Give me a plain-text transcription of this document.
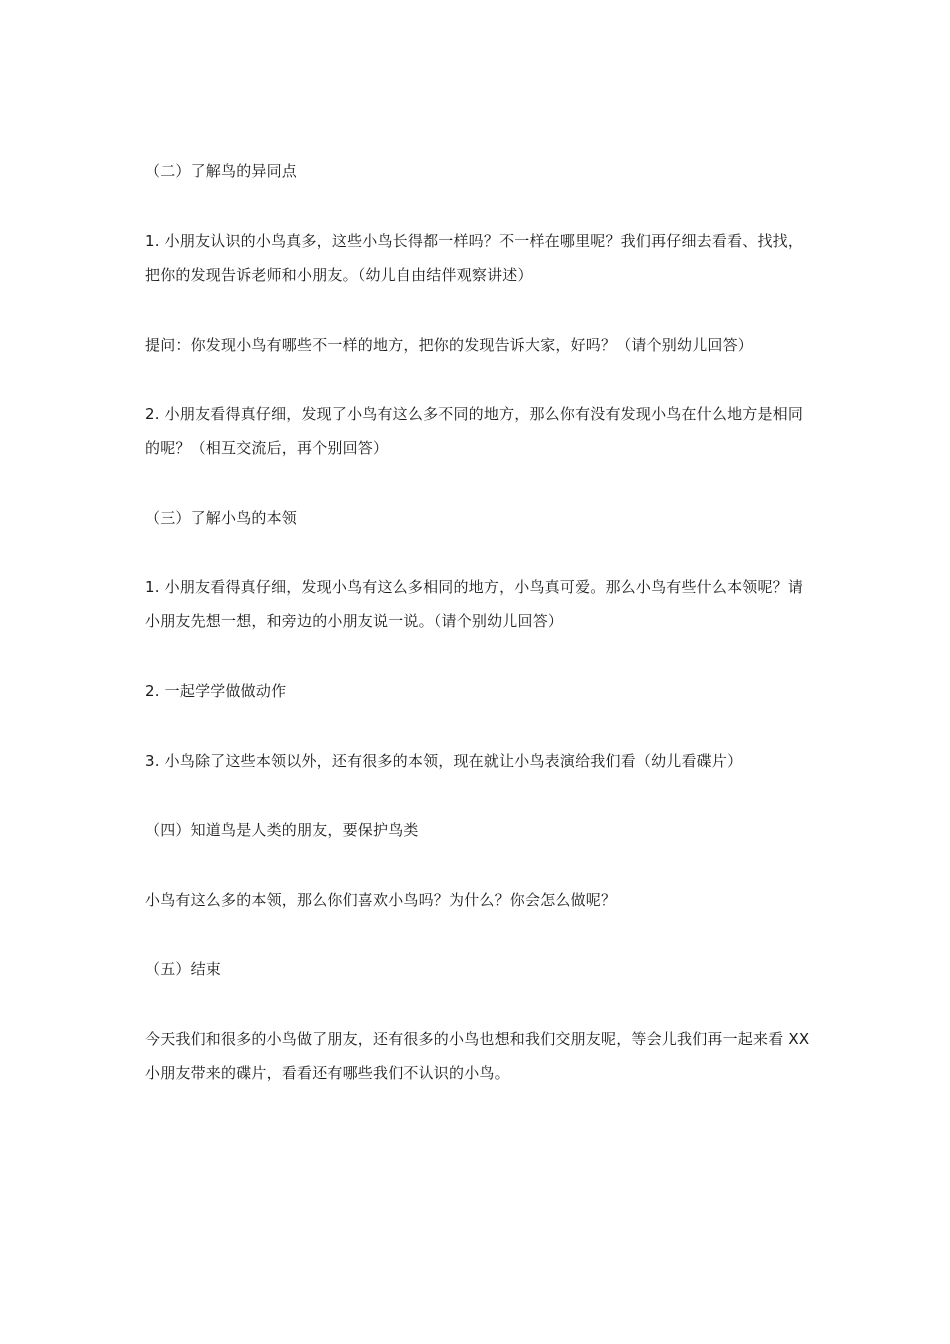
（二）了解鸟的异同点

1. 小朋友认识的小鸟真多，这些小鸟长得都一样吗？不一样在哪里呢？我们再仔细去看看、找找，把你的发现告诉老师和小朋友。（幼儿自由结伴观察讲述）

提问：你发现小鸟有哪些不一样的地方，把你的发现告诉大家，好吗？（请个别幼儿回答）

2. 小朋友看得真仔细，发现了小鸟有这么多不同的地方，那么你有没有发现小鸟在什么地方是相同的呢？（相互交流后，再个别回答）

（三）了解小鸟的本领

1. 小朋友看得真仔细，发现小鸟有这么多相同的地方，小鸟真可爱。那么小鸟有些什么本领呢？请小朋友先想一想，和旁边的小朋友说一说。（请个别幼儿回答）

2. 一起学学做做动作

3. 小鸟除了这些本领以外，还有很多的本领，现在就让小鸟表演给我们看（幼儿看碟片）

（四）知道鸟是人类的朋友，要保护鸟类

小鸟有这么多的本领，那么你们喜欢小鸟吗？为什么？你会怎么做呢？

（五）结束

今天我们和很多的小鸟做了朋友，还有很多的小鸟也想和我们交朋友呢，等会儿我们再一起来看 XX 小朋友带来的碟片，看看还有哪些我们不认识的小鸟。
